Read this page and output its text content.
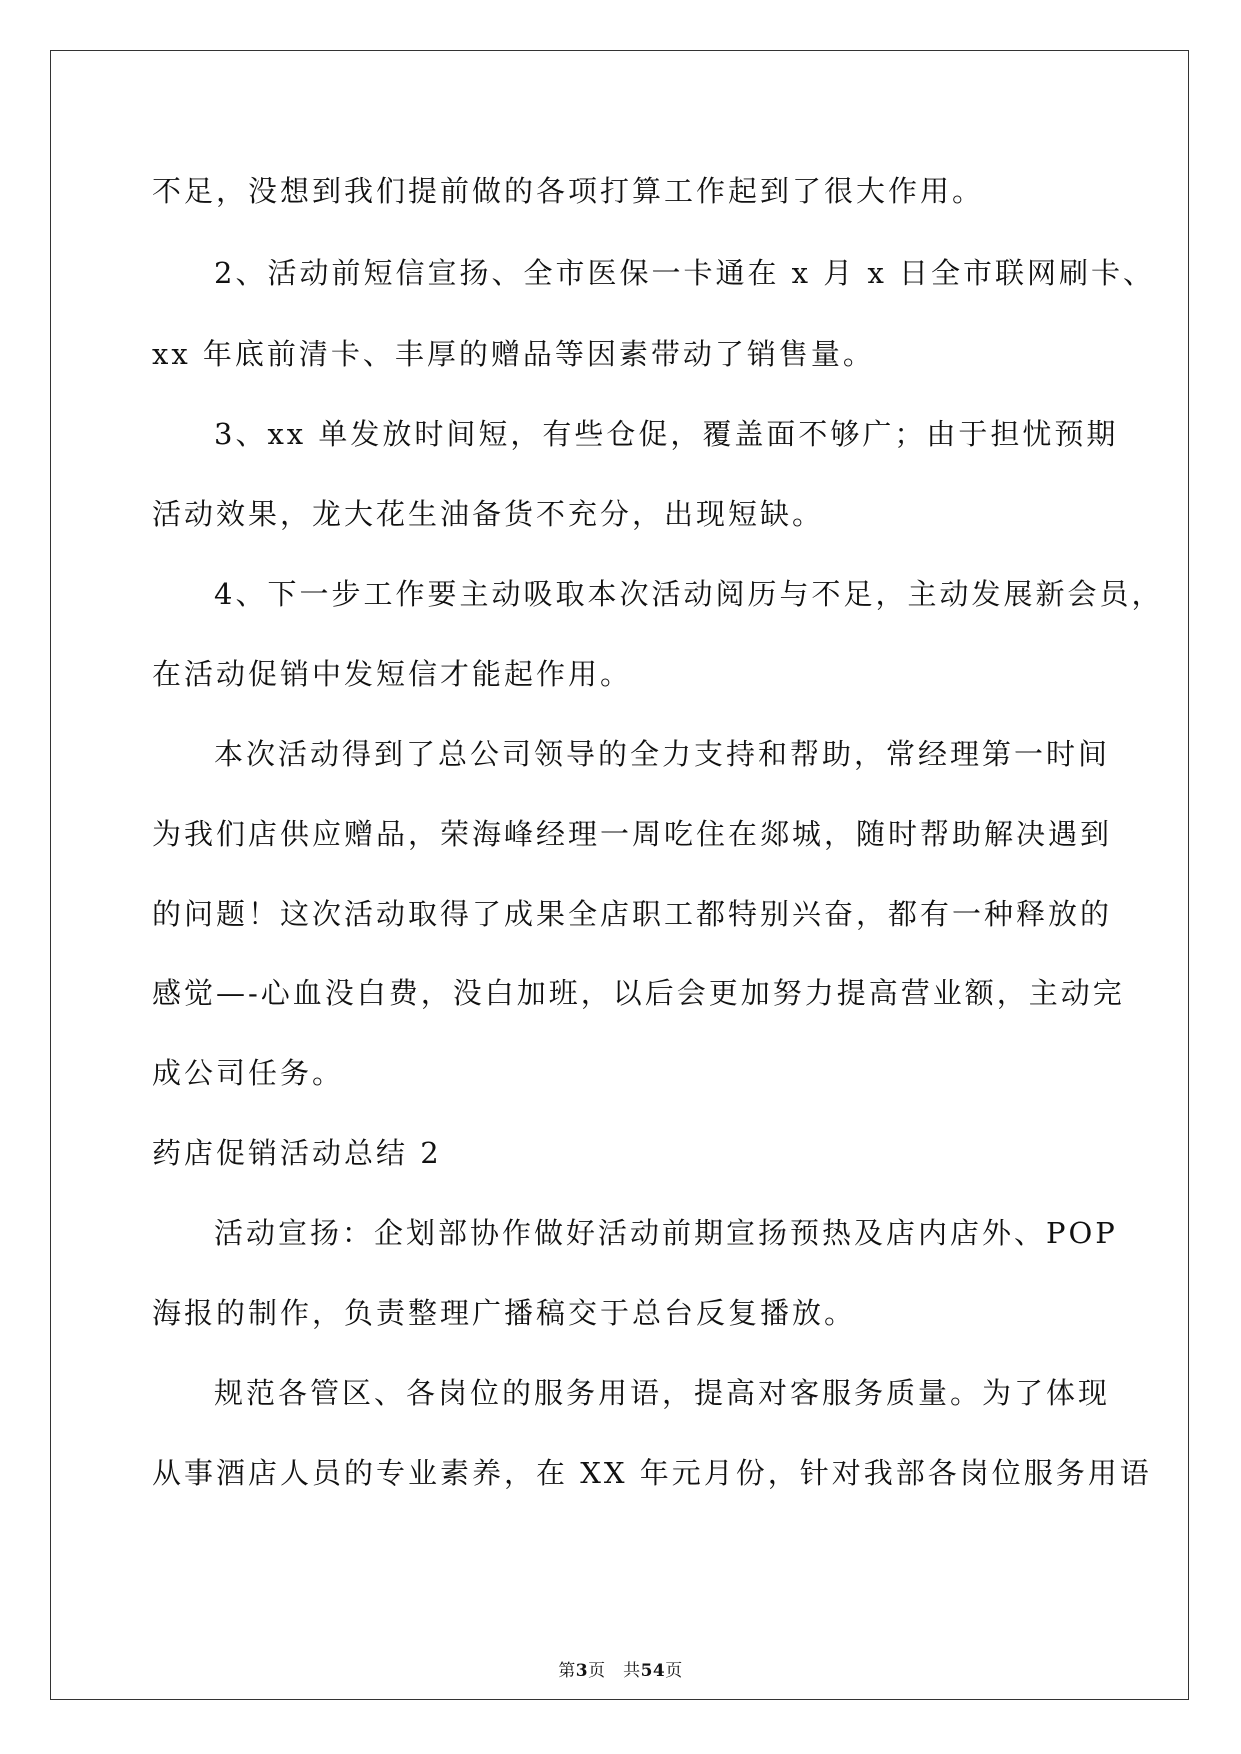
不足，没想到我们提前做的各项打算工作起到了很大作用。
2、活动前短信宣扬、全市医保一卡通在 x 月 x 日全市联网刷卡、
xx 年底前清卡、丰厚的赠品等因素带动了销售量。
3、xx 单发放时间短，有些仓促，覆盖面不够广；由于担忧预期
活动效果，龙大花生油备货不充分，出现短缺。
4、下一步工作要主动吸取本次活动阅历与不足，主动发展新会员，
在活动促销中发短信才能起作用。
本次活动得到了总公司领导的全力支持和帮助，常经理第一时间
为我们店供应赠品，荣海峰经理一周吃住在郯城，随时帮助解决遇到
的问题！这次活动取得了成果全店职工都特别兴奋，都有一种释放的
感觉—-心血没白费，没白加班，以后会更加努力提高营业额，主动完
成公司任务。
药店促销活动总结 2
活动宣扬：企划部协作做好活动前期宣扬预热及店内店外、POP
海报的制作，负责整理广播稿交于总台反复播放。
规范各管区、各岗位的服务用语，提高对客服务质量。为了体现
从事酒店人员的专业素养，在 XX 年元月份，针对我部各岗位服务用语
第3页　共54页
